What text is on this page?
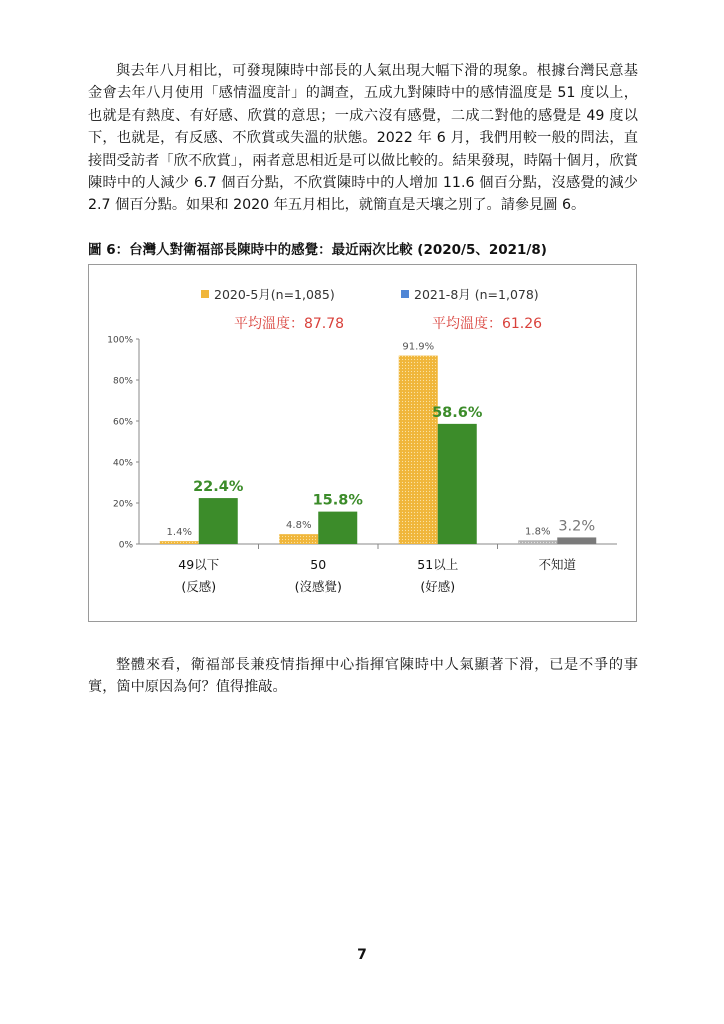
與去年八月相比，可發現陳時中部長的人氣出現大幅下滑的現象。根據台灣民意基金會去年八月使用「感情溫度計」的調查，五成九對陳時中的感情溫度是 51 度以上，也就是有熱度、有好感、欣賞的意思；一成六沒有感覺，二成二對他的感覺是 49 度以下，也就是，有反感、不欣賞或失溫的狀態。2022 年 6 月，我們用較一般的問法，直接問受訪者「欣不欣賞」，兩者意思相近是可以做比較的。結果發現，時隔十個月，欣賞陳時中的人減少 6.7 個百分點，不欣賞陳時中的人增加 11.6 個百分點，沒感覺的減少 2.7 個百分點。如果和 2020 年五月相比，就簡直是天壤之別了。請參見圖 6。

圖 6：台灣人對衛福部長陳時中的感覺：最近兩次比較 (2020/5、2021/8)

2020-5月(n=1,085)	2021-8月 (n=1,078)
平均溫度：87.78	平均溫度：61.26
0%
20%
40%
60%
80%
100%
1.4%
22.4%
4.8%
15.8%
91.9%
58.6%
1.8% 3.2%
49以下
(反感)
50
(沒感覺)
51以上
(好感)
不知道

整體來看，衛福部長兼疫情指揮中心指揮官陳時中人氣顯著下滑，已是不爭的事實，箇中原因為何？值得推敲。

7
